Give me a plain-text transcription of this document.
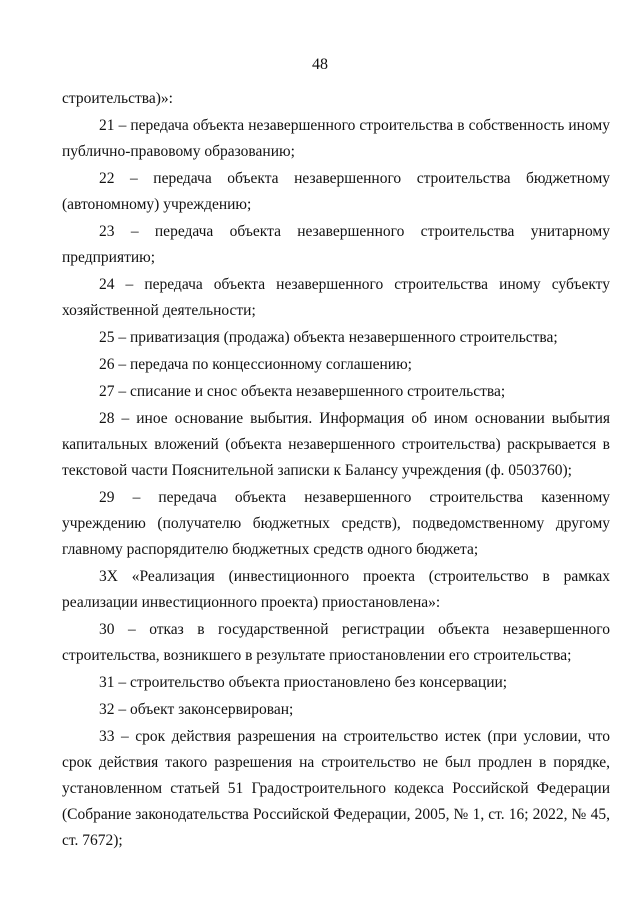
48

строительства)»:

21 – передача объекта незавершенного строительства в собственность иному публично-правовому образованию;

22 – передача объекта незавершенного строительства бюджетному (автономному) учреждению;

23 – передача объекта незавершенного строительства унитарному предприятию;

24 – передача объекта незавершенного строительства иному субъекту хозяйственной деятельности;

25 – приватизация (продажа) объекта незавершенного строительства;

26 – передача по концессионному соглашению;

27 – списание и снос объекта незавершенного строительства;

28 – иное основание выбытия. Информация об ином основании выбытия капитальных вложений (объекта незавершенного строительства) раскрывается в текстовой части Пояснительной записки к Балансу учреждения (ф. 0503760);

29 – передача объекта незавершенного строительства казенному учреждению (получателю бюджетных средств), подведомственному другому главному распорядителю бюджетных средств одного бюджета;

3Х «Реализация (инвестиционного проекта (строительство в рамках реализации инвестиционного проекта) приостановлена»:

30 – отказ в государственной регистрации объекта незавершенного строительства, возникшего в результате приостановлении его строительства;

31 – строительство объекта приостановлено без консервации;

32 – объект законсервирован;

33 – срок действия разрешения на строительство истек (при условии, что срок действия такого разрешения на строительство не был продлен в порядке, установленном статьей 51 Градостроительного кодекса Российской Федерации (Собрание законодательства Российской Федерации, 2005, № 1, ст. 16; 2022, № 45, ст. 7672);
